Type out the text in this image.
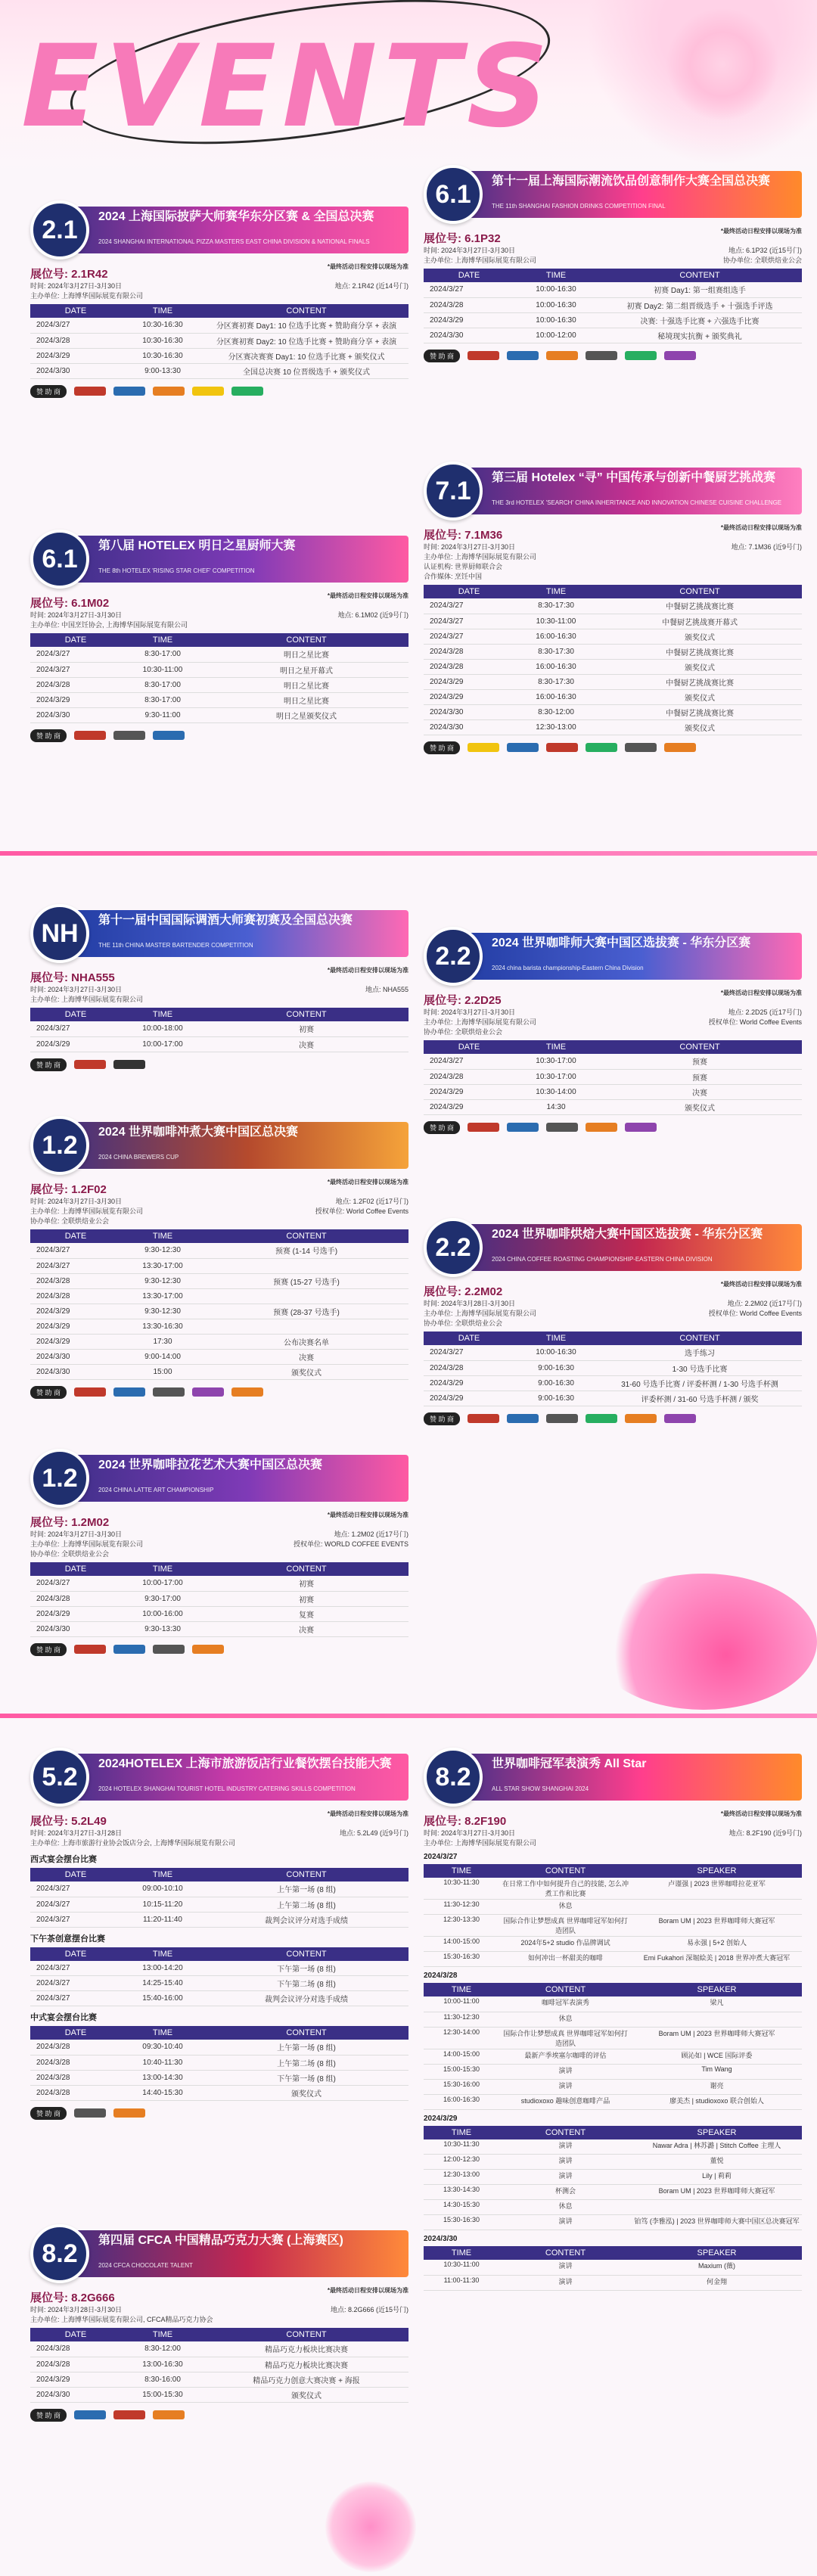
EVENTS
2.1	2024 上海国际披萨大师赛华东分区赛 & 全国总决赛
2024 SHANGHAI INTERNATIONAL PIZZA MASTERS EAST CHINA DIVISION & NATIONAL FINALS
*最终活动日程安排以现场为准
展位号: 2.1R42
时间: 2024年3月27日-3月30日	地点: 2.1R42 (近14号门)
主办单位: 上海博华国际展览有限公司
DATE	TIME	CONTENT
2024/3/27	10:30-16:30	分区赛初赛 Day1: 10 位选手比赛 + 赞助商分享 + 表演
2024/3/28	10:30-16:30	分区赛初赛 Day2: 10 位选手比赛 + 赞助商分享 + 表演
2024/3/29	10:30-16:30	分区赛决赛赛 Day1: 10 位选手比赛 + 颁奖仪式
2024/3/30	9:00-13:30	全国总决赛 10 位晋级选手 + 颁奖仪式
赞 助 商
6.1	第八届 HOTELEX 明日之星厨师大赛
THE 8th HOTELEX 'RISING STAR CHEF' COMPETITION
*最终活动日程安排以现场为准
展位号: 6.1M02
时间: 2024年3月27日-3月30日	地点: 6.1M02 (近9号门)
主办单位: 中国烹饪协会, 上海博华国际展览有限公司
DATE	TIME	CONTENT
2024/3/27	8:30-17:00	明日之星比赛
2024/3/27	10:30-11:00	明日之星开幕式
2024/3/28	8:30-17:00	明日之星比赛
2024/3/29	8:30-17:00	明日之星比赛
2024/3/30	9:30-11:00	明日之星颁奖仪式
赞 助 商
6.1	第十一届上海国际潮流饮品创意制作大赛全国总决赛
THE 11th SHANGHAI FASHION DRINKS COMPETITION FINAL
*最终活动日程安排以现场为准
展位号: 6.1P32
时间: 2024年3月27日-3月30日	地点: 6.1P32 (近15号门)
主办单位: 上海博华国际展览有限公司	协办单位: 全联烘焙业公会
DATE	TIME	CONTENT
2024/3/27	10:00-16:30	初赛 Day1: 第一组赛组选手
2024/3/28	10:00-16:30	初赛 Day2: 第二组晋级选手 + 十强选手评选
2024/3/29	10:00-16:30	决赛: 十强选手比赛 + 六强选手比赛
2024/3/30	10:00-12:00	秘境现实抗衡 + 颁奖典礼
赞 助 商
7.1	第三届 Hotelex “寻” 中国传承与创新中餐厨艺挑战赛
THE 3rd HOTELEX 'SEARCH' CHINA INHERITANCE AND INNOVATION CHINESE CUISINE CHALLENGE
*最终活动日程安排以现场为准
展位号: 7.1M36
时间: 2024年3月27日-3月30日	地点: 7.1M36 (近9号门)
主办单位: 上海博华国际展览有限公司
认证机构: 世界厨师联合会
合作媒体: 烹饪中国
DATE	TIME	CONTENT
2024/3/27	8:30-17:30	中餐厨艺挑战赛比赛
2024/3/27	10:30-11:00	中餐厨艺挑战赛开幕式
2024/3/27	16:00-16:30	颁奖仪式
2024/3/28	8:30-17:30	中餐厨艺挑战赛比赛
2024/3/28	16:00-16:30	颁奖仪式
2024/3/29	8:30-17:30	中餐厨艺挑战赛比赛
2024/3/29	16:00-16:30	颁奖仪式
2024/3/30	8:30-12:00	中餐厨艺挑战赛比赛
2024/3/30	12:30-13:00	颁奖仪式
赞 助 商
NH	第十一届中国国际调酒大师赛初赛及全国总决赛
THE 11th CHINA MASTER BARTENDER COMPETITION
*最终活动日程安排以现场为准
展位号: NHA555
时间: 2024年3月27日-3月30日	地点: NHA555
主办单位: 上海博华国际展览有限公司
DATE	TIME	CONTENT
2024/3/27	10:00-18:00	初赛
2024/3/29	10:00-17:00	决赛
赞 助 商
1.2	2024 世界咖啡冲煮大赛中国区总决赛
2024 CHINA BREWERS CUP
*最终活动日程安排以现场为准
展位号: 1.2F02
时间: 2024年3月27日-3月30日	地点: 1.2F02 (近17号门)
主办单位: 上海博华国际展览有限公司	授权单位: World Coffee Events
协办单位: 全联烘焙业公会
DATE	TIME	CONTENT
2024/3/27	9:30-12:30	预赛 (1-14 号选手)
2024/3/27	13:30-17:00	
2024/3/28	9:30-12:30	预赛 (15-27 号选手)
2024/3/28	13:30-17:00	
2024/3/29	9:30-12:30	预赛 (28-37 号选手)
2024/3/29	13:30-16:30	
2024/3/29	17:30	公布决赛名单
2024/3/30	9:00-14:00	决赛
2024/3/30	15:00	颁奖仪式
赞 助 商
1.2	2024 世界咖啡拉花艺术大赛中国区总决赛
2024 CHINA LATTE ART CHAMPIONSHIP
*最终活动日程安排以现场为准
展位号: 1.2M02
时间: 2024年3月27日-3月30日	地点: 1.2M02 (近17号门)
主办单位: 上海博华国际展览有限公司	授权单位: WORLD COFFEE EVENTS
协办单位: 全联烘焙业公会
DATE	TIME	CONTENT
2024/3/27	10:00-17:00	初赛
2024/3/28	9:30-17:00	初赛
2024/3/29	10:00-16:00	复赛
2024/3/30	9:30-13:30	决赛
赞 助 商
2.2	2024 世界咖啡师大赛中国区选拔赛 - 华东分区赛
2024 china barista championship-Eastern China Division
*最终活动日程安排以现场为准
展位号: 2.2D25
时间: 2024年3月27日-3月30日	地点: 2.2D25 (近17号门)
主办单位: 上海博华国际展览有限公司	授权单位: World Coffee Events
协办单位: 全联烘焙业公会
DATE	TIME	CONTENT
2024/3/27	10:30-17:00	预赛
2024/3/28	10:30-17:00	预赛
2024/3/29	10:30-14:00	决赛
2024/3/29	14:30	颁奖仪式
赞 助 商
2.2	2024 世界咖啡烘焙大赛中国区选拔赛 - 华东分区赛
2024 CHINA COFFEE ROASTING CHAMPIONSHIP-EASTERN CHINA DIVISION
*最终活动日程安排以现场为准
展位号: 2.2M02
时间: 2024年3月28日-3月30日	地点: 2.2M02 (近17号门)
主办单位: 上海博华国际展览有限公司	授权单位: World Coffee Events
协办单位: 全联烘焙业公会
DATE	TIME	CONTENT
2024/3/27	10:00-16:30	选手练习
2024/3/28	9:00-16:30	1-30 号选手比赛
2024/3/29	9:00-16:30	31-60 号选手比赛 / 评委杯测 / 1-30 号选手杯测
2024/3/29	9:00-16:30	评委杯测 / 31-60 号选手杯测 / 颁奖
赞 助 商
5.2	2024HOTELEX 上海市旅游饭店行业餐饮摆台技能大赛
2024 HOTELEX SHANGHAI TOURIST HOTEL INDUSTRY CATERING SKILLS COMPETITION
*最终活动日程安排以现场为准
展位号: 5.2L49
时间: 2024年3月27日-3月28日	地点: 5.2L49 (近9号门)
主办单位: 上海市旅游行业协会饭店分会, 上海博华国际展览有限公司
西式宴会摆台比赛
DATE	TIME	CONTENT
2024/3/27	09:00-10:10	上午第一场 (8 组)
2024/3/27	10:15-11:20	上午第二场 (8 组)
2024/3/27	11:20-11:40	裁判会议评分对选手成绩
下午茶创意摆台比赛
DATE	TIME	CONTENT
2024/3/27	13:00-14:20	下午第一场 (8 组)
2024/3/27	14:25-15:40	下午第二场 (8 组)
2024/3/27	15:40-16:00	裁判会议评分对选手成绩
中式宴会摆台比赛
DATE	TIME	CONTENT
2024/3/28	09:30-10:40	上午第一场 (8 组)
2024/3/28	10:40-11:30	上午第二场 (8 组)
2024/3/28	13:00-14:30	下午第一场 (8 组)
2024/3/28	14:40-15:30	颁奖仪式
赞 助 商
8.2	第四届 CFCA 中国精品巧克力大赛 (上海赛区)
2024 CFCA CHOCOLATE TALENT
*最终活动日程安排以现场为准
展位号: 8.2G666
时间: 2024年3月28日-3月30日	地点: 8.2G666 (近15号门)
主办单位: 上海博华国际展览有限公司, CFCA精品巧克力协会
DATE	TIME	CONTENT
2024/3/28	8:30-12:00	精品巧克力板块比赛决赛
2024/3/28	13:00-16:30	精品巧克力板块比赛决赛
2024/3/29	8:30-16:00	精品巧克力创意大赛决赛 + 海报
2024/3/30	15:00-15:30	颁奖仪式
赞 助 商
8.2	世界咖啡冠军表演秀 All Star
ALL STAR SHOW SHANGHAI 2024
*最终活动日程安排以现场为准
展位号: 8.2F190
时间: 2024年3月27日-3月30日	地点: 8.2F190 (近9号门)
主办单位: 上海博华国际展览有限公司
2024/3/27
TIME	CONTENT	SPEAKER
10:30-11:30	在日常工作中如何提升自己的技能, 怎么冲煮工作和比赛	卢谨强 | 2023 世界咖啡拉花亚军
11:30-12:30	休息	
12:30-13:30	国际合作让梦想成真 世界咖啡冠军如何打造团队	Boram UM | 2023 世界咖啡师大赛冠军
14:00-15:00	2024年5+2 studio 作品牌调试	易永强 | 5+2 创始人
15:30-16:30	如何冲出一杯甜美的咖啡	Emi Fukahori 深堀絵美 | 2018 世界冲煮大赛冠军
2024/3/28
TIME	CONTENT	SPEAKER
10:00-11:00	咖啡冠军表演秀	梁凡
11:30-12:30	休息	
12:30-14:00	国际合作让梦想成真 世界咖啡冠军如何打造团队	Boram UM | 2023 世界咖啡师大赛冠军
14:00-15:00	最新产季埃塞尔咖啡的评估	顾沁如 | WCE 国际评委
15:00-15:30	演讲	Tim Wang
15:30-16:00	演讲	谢亮
16:00-16:30	studioxoxo 趣味创意咖啡产品	廖美杰 | studioxoxo 联合创始人
2024/3/29
TIME	CONTENT	SPEAKER
10:30-11:30	演讲	Nawar Adra | 林苏潞 | Stitch Coffee 主理人
12:00-12:30	演讲	董悦
12:30-13:00	演讲	Lily | 莉莉
13:30-14:30	杯测会	Boram UM | 2023 世界咖啡师大赛冠军
14:30-15:30	休息	
15:30-16:30	演讲	铂笃 (李雅泓) | 2023 世界咖啡师大赛中国区总决赛冠军
2024/3/30
TIME	CONTENT	SPEAKER
10:30-11:00	演讲	Maxium (薇)
11:00-11:30	演讲	何金翔
